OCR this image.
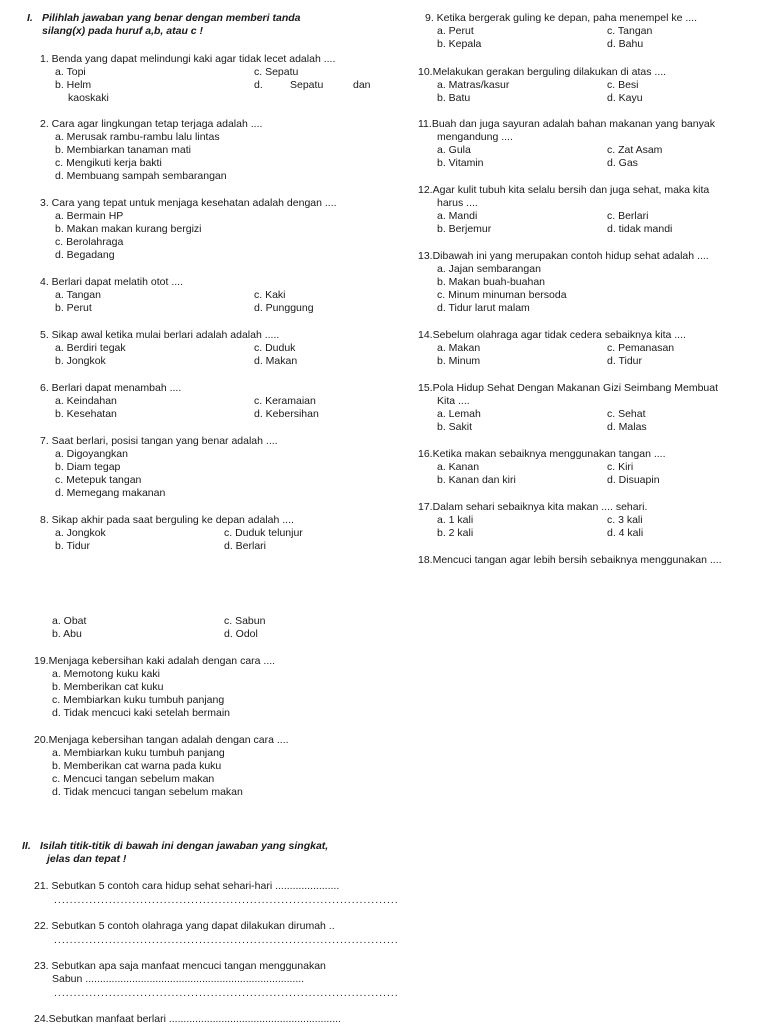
I. Pilihlah jawaban yang benar dengan memberi tanda
silang(x) pada huruf a,b, atau c !
1. Benda yang dapat melindungi kaki agar tidak lecet adalah ....
a. Topi
b. Helm
c. Sepatu
d.	Sepatu	dan
kaoskaki
2. Cara agar lingkungan tetap terjaga adalah ....
a. Merusak rambu-rambu lalu lintas
b. Membiarkan tanaman mati
c. Mengikuti kerja bakti
d. Membuang sampah sembarangan
3. Cara yang tepat untuk menjaga kesehatan adalah dengan ....
a. Bermain HP
b. Makan makan kurang bergizi
c. Berolahraga
d. Begadang
4. Berlari dapat melatih otot ....
a. Tangan
b. Perut
c. Kaki
d. Punggung
5. Sikap awal ketika mulai berlari adalah adalah .....
a. Berdiri tegak
b. Jongkok
c. Duduk
d. Makan
6. Berlari dapat menambah ....
a. Keindahan
b. Kesehatan
c. Keramaian
d. Kebersihan
7. Saat berlari, posisi tangan yang benar adalah ....
a. Digoyangkan
b. Diam tegap
c. Metepuk tangan
d. Memegang makanan
8. Sikap akhir pada saat berguling ke depan adalah ....
a. Jongkok
b. Tidur
c. Duduk telunjur
d. Berlari
a. Obat
b. Abu
c. Sabun
d. Odol
19.Menjaga kebersihan kaki adalah dengan cara ....
a. Memotong kuku kaki
b. Memberikan cat kuku
c. Membiarkan kuku tumbuh panjang
d. Tidak mencuci kaki setelah bermain
20.Menjaga kebersihan tangan adalah dengan cara ....
a. Membiarkan kuku tumbuh panjang
b. Memberikan cat warna pada kuku
c. Mencuci tangan sebelum makan
d. Tidak mencuci tangan sebelum makan
II. Isilah titik-titik di bawah ini dengan jawaban yang singkat,
jelas dan tepat !
21. Sebutkan 5 contoh cara hidup sehat sehari-hari ......................
........................................................................................
22. Sebutkan 5 contoh olahraga yang dapat dilakukan dirumah ..
........................................................................................
23. Sebutkan apa saja manfaat mencuci tangan menggunakan
Sabun ...........................................................................
........................................................................................
24.Sebutkan manfaat berlari ...........................................................
9. Ketika bergerak guling ke depan, paha menempel ke ....
a. Perut
b. Kepala
c. Tangan
d. Bahu
10.Melakukan gerakan berguling dilakukan di atas ....
a. Matras/kasur
b. Batu
c. Besi
d. Kayu
11.Buah dan juga sayuran adalah bahan makanan yang banyak
mengandung ....
a. Gula
b. Vitamin
c. Zat Asam
d. Gas
12.Agar kulit tubuh kita selalu bersih dan juga sehat, maka kita
harus ....
a. Mandi
b. Berjemur
c. Berlari
d. tidak mandi
13.Dibawah ini yang merupakan contoh hidup sehat adalah ....
a. Jajan sembarangan
b. Makan buah-buahan
c. Minum minuman bersoda
d. Tidur larut malam
14.Sebelum olahraga agar tidak cedera sebaiknya kita ....
a. Makan
b. Minum
c. Pemanasan
d. Tidur
15.Pola Hidup Sehat Dengan Makanan Gizi Seimbang Membuat
Kita ....
a. Lemah
b. Sakit
c. Sehat
d. Malas
16.Ketika makan sebaiknya menggunakan tangan ....
a. Kanan
b. Kanan dan kiri
c. Kiri
d. Disuapin
17.Dalam sehari sebaiknya kita makan .... sehari.
a. 1 kali
b. 2 kali
c. 3 kali
d. 4 kali
18.Mencuci tangan agar lebih bersih sebaiknya menggunakan ....
